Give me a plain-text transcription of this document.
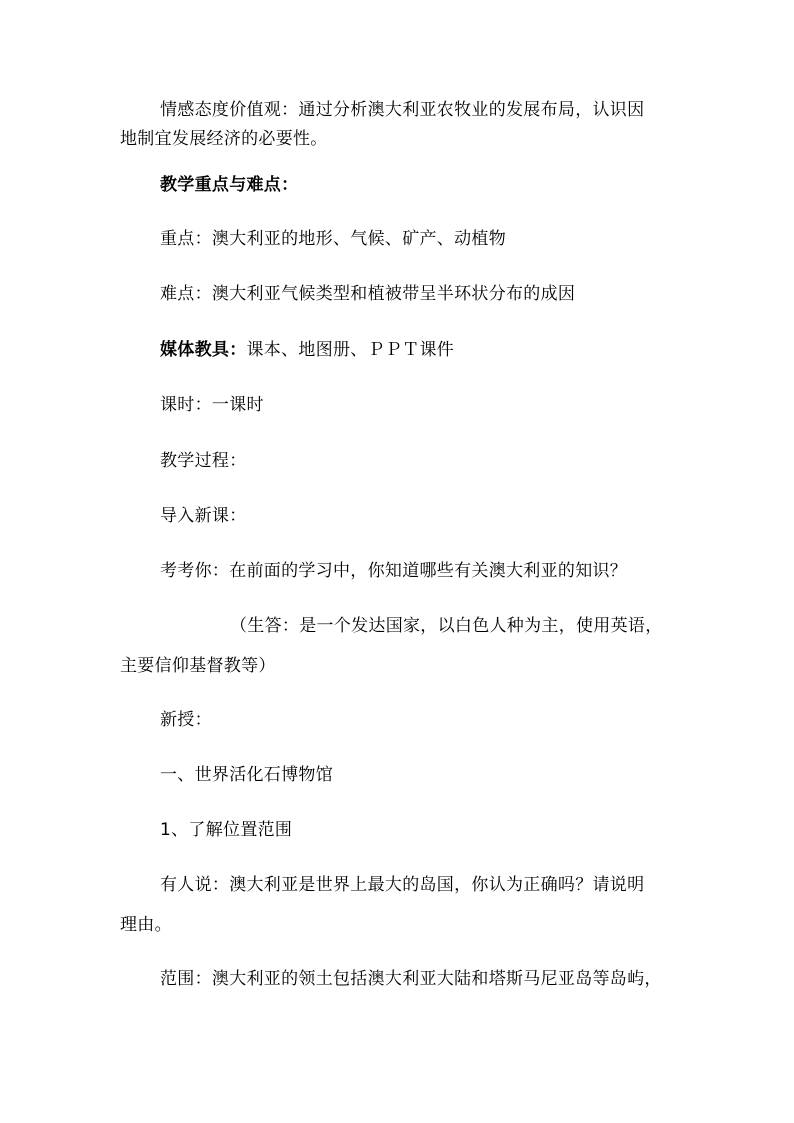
情感态度价值观：通过分析澳大利亚农牧业的发展布局，认识因
地制宜发展经济的必要性。
教学重点与难点：
重点：澳大利亚的地形、气候、矿产、动植物
难点：澳大利亚气候类型和植被带呈半环状分布的成因
媒体教具：课本、地图册、ＰＰＴ课件
课时：一课时
教学过程：
导入新课：
考考你：在前面的学习中，你知道哪些有关澳大利亚的知识？
（生答：是一个发达国家，以白色人种为主，使用英语，
主要信仰基督教等）
新授：
一、世界活化石博物馆
1、了解位置范围
有人说：澳大利亚是世界上最大的岛国，你认为正确吗？请说明
理由。
范围：澳大利亚的领土包括澳大利亚大陆和塔斯马尼亚岛等岛屿，
